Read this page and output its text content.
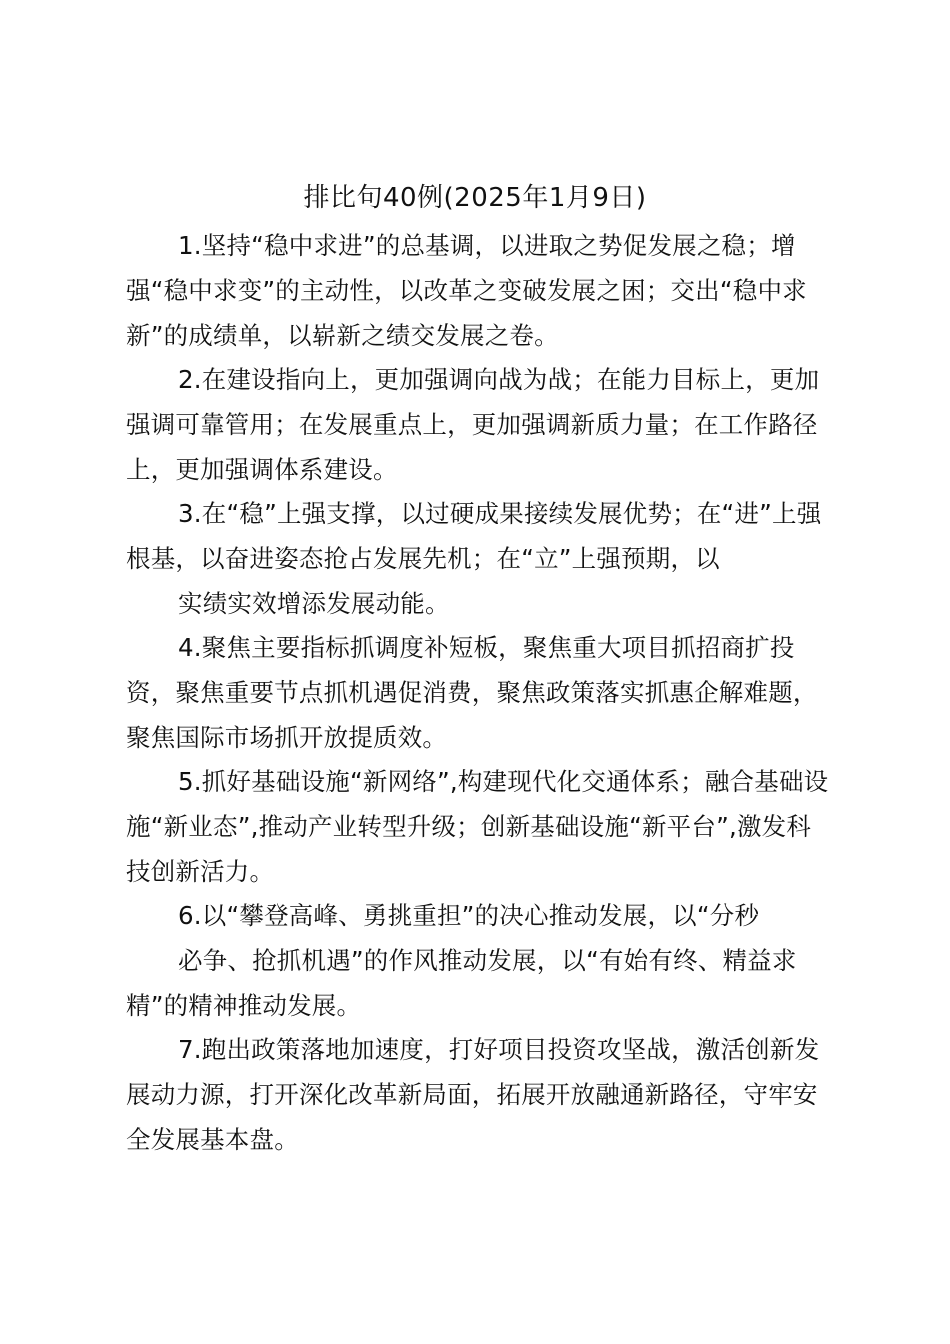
排比句40例(2025年1月9日)
1.坚持“稳中求进”的总基调，以进取之势促发展之稳；增
强“稳中求变”的主动性，以改革之变破发展之困；交出“稳中求
新”的成绩单，以崭新之绩交发展之卷。
2.在建设指向上，更加强调向战为战；在能力目标上，更加
强调可靠管用；在发展重点上，更加强调新质力量；在工作路径
上，更加强调体系建设。
3.在“稳”上强支撑，以过硬成果接续发展优势；在“进”上强
根基，以奋进姿态抢占发展先机；在“立”上强预期，以
实绩实效增添发展动能。
4.聚焦主要指标抓调度补短板，聚焦重大项目抓招商扩投
资，聚焦重要节点抓机遇促消费，聚焦政策落实抓惠企解难题，
聚焦国际市场抓开放提质效。
5.抓好基础设施“新网络”,构建现代化交通体系；融合基础设
施“新业态”,推动产业转型升级；创新基础设施“新平台”,激发科
技创新活力。
6.以“攀登高峰、勇挑重担”的决心推动发展，以“分秒
必争、抢抓机遇”的作风推动发展，以“有始有终、精益求
精”的精神推动发展。
7.跑出政策落地加速度，打好项目投资攻坚战，激活创新发
展动力源，打开深化改革新局面，拓展开放融通新路径，守牢安
全发展基本盘。
